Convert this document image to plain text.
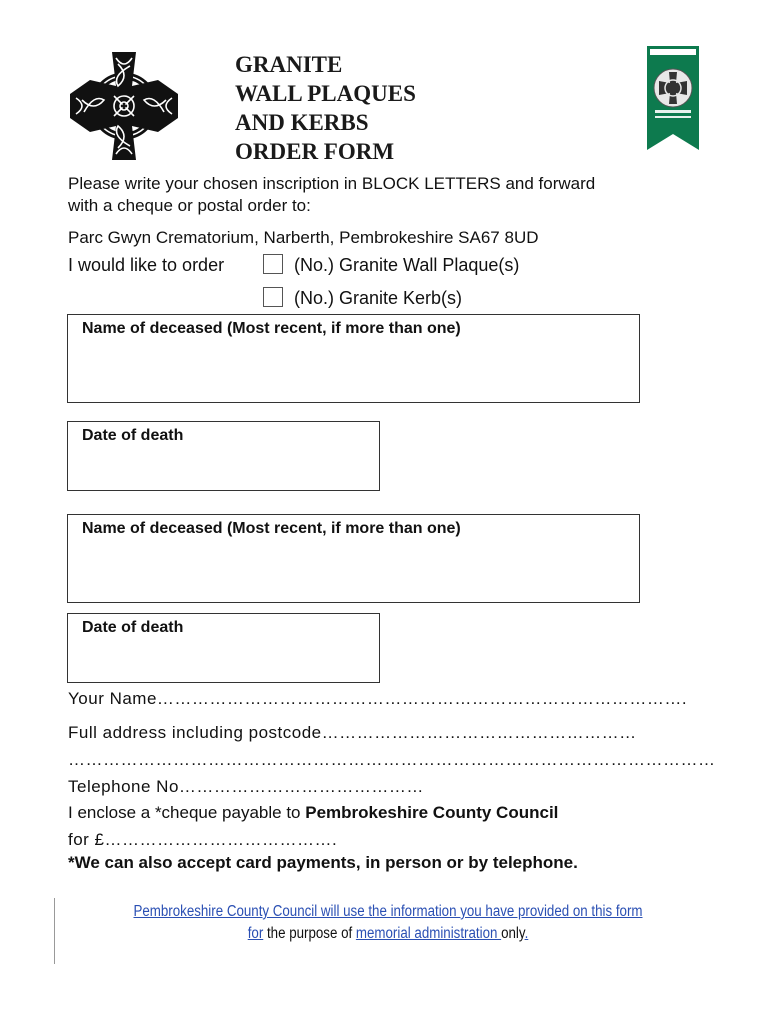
GRANITE
WALL PLAQUES
AND KERBS
ORDER FORM
Please write your chosen inscription in BLOCK LETTERS and forward
with a cheque or postal order to:
Parc Gwyn Crematorium, Narberth, Pembrokeshire SA67 8UD
I would like to order	(No.) Granite Wall Plaque(s)
(No.) Granite Kerb(s)
Name of deceased (Most recent, if more than one)
Date of death
Name of deceased (Most recent, if more than one)
Date of death
Your Name……………………………………………………………………………….
Full address including postcode………………………………………………
…………………………………………………………………………………………………
Telephone No……………………………………
I enclose a *cheque payable to Pembrokeshire County Council
for £………………………………….
*We can also accept card payments, in person or by telephone.
Pembrokeshire County Council will use the information you have provided on this form
for the purpose of memorial administration only.
